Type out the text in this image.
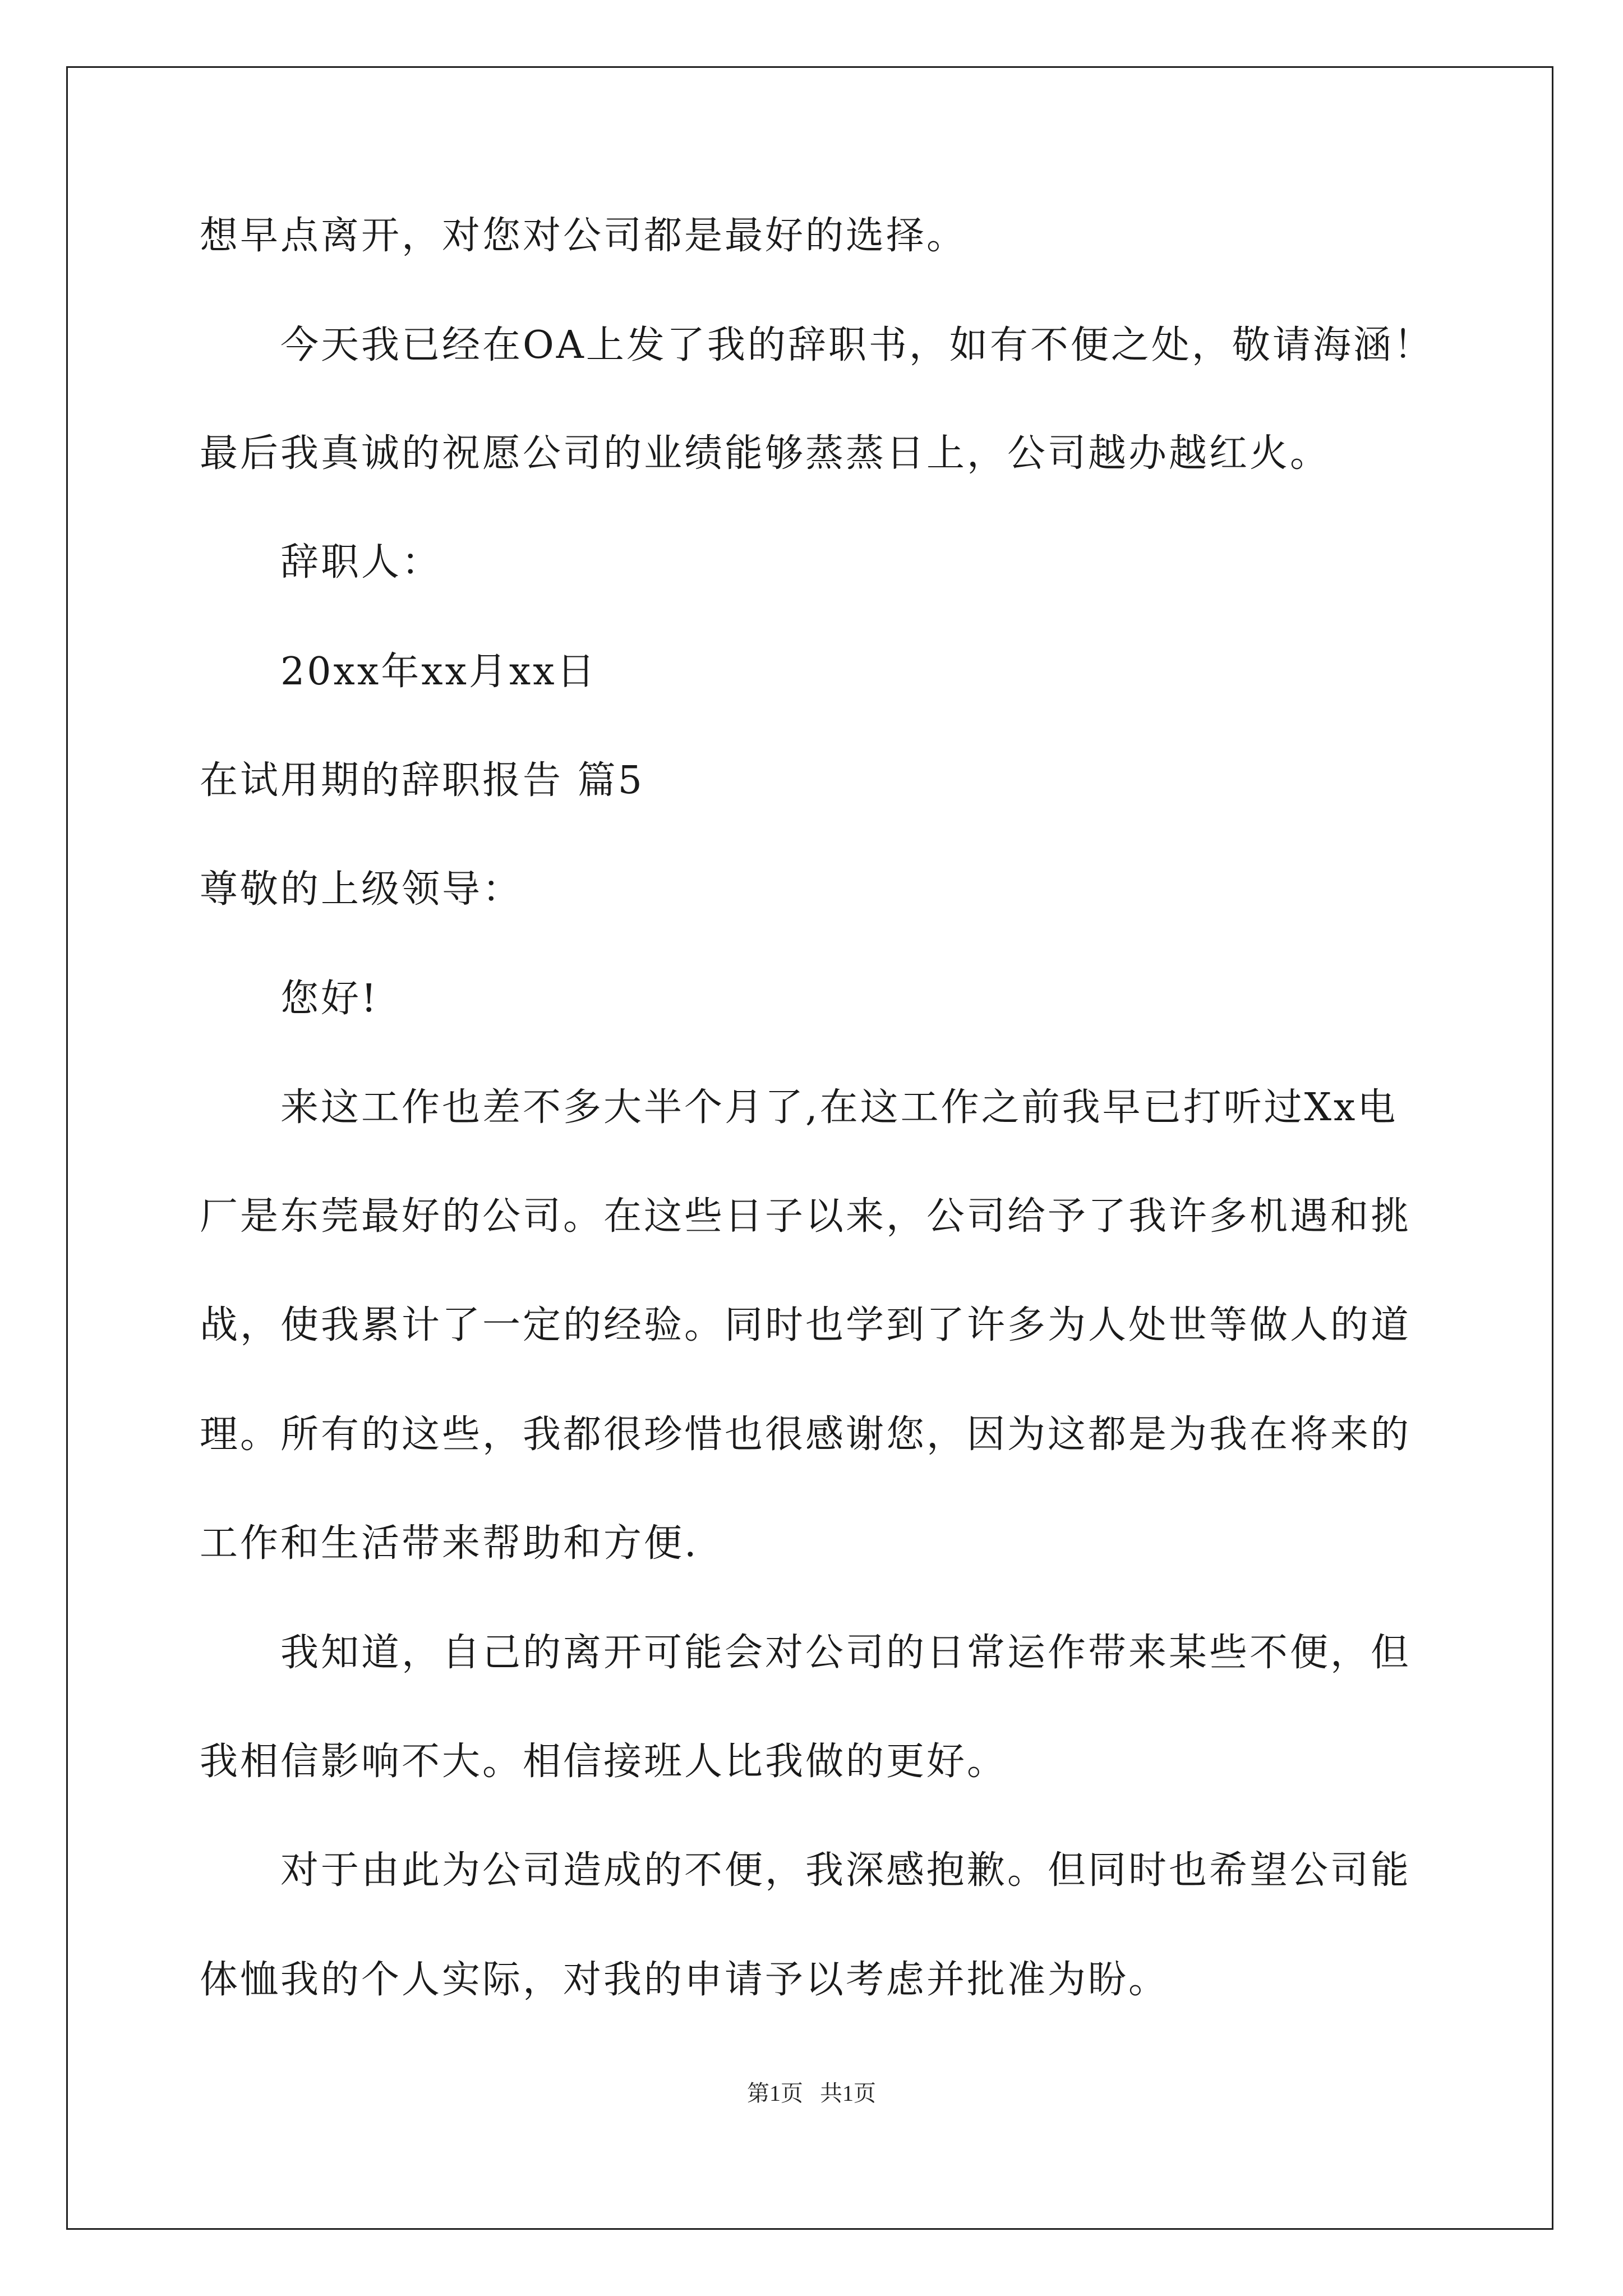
想早点离开，对您对公司都是最好的选择。
今天我已经在OA上发了我的辞职书，如有不便之处，敬请海涵！
最后我真诚的祝愿公司的业绩能够蒸蒸日上，公司越办越红火。
辞职人：
20xx年xx月xx日
在试用期的辞职报告 篇5
尊敬的上级领导：
您好!
来这工作也差不多大半个月了,在这工作之前我早已打听过Xx电
厂是东莞最好的公司。在这些日子以来，公司给予了我许多机遇和挑
战，使我累计了一定的经验。同时也学到了许多为人处世等做人的道
理。所有的这些，我都很珍惜也很感谢您，因为这都是为我在将来的
工作和生活带来帮助和方便.
我知道，自己的离开可能会对公司的日常运作带来某些不便，但
我相信影响不大。相信接班人比我做的更好。
对于由此为公司造成的不便，我深感抱歉。但同时也希望公司能
体恤我的个人实际，对我的申请予以考虑并批准为盼。
第1页   共1页
